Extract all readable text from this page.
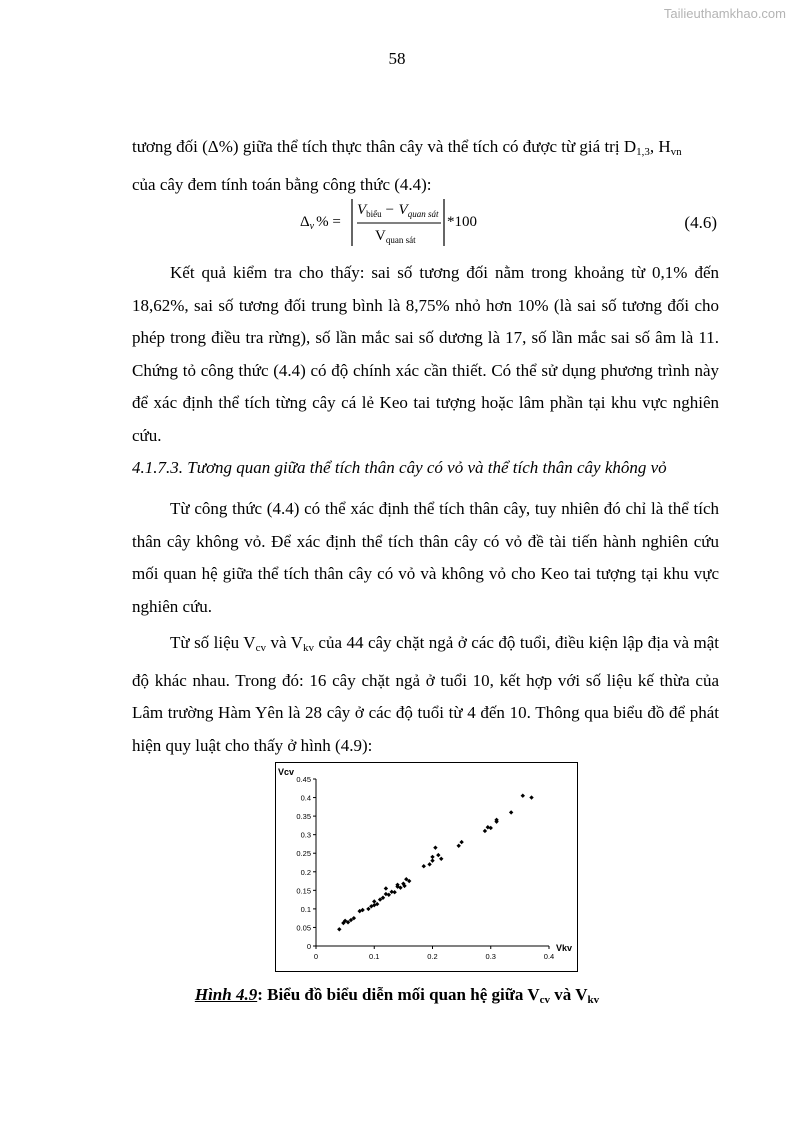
Tailieuthamkhao.com
58

tương đối (Δ%) giữa thể tích thực thân cây và thể tích có được từ giá trị $D_{1,3}$, $H_{vn}$
của cây đem tính toán bằng công thức (4.4):

$\Delta_v$ % =
$V_{biểu} - V_{quan sát}$
$V_{quan sát}$
*100	(4.6)

Kết quả kiểm tra cho thấy: sai số tương đối nằm trong khoảng từ 0,1% đến 18,62%, sai số tương đối trung bình là 8,75% nhỏ hơn 10% (là sai số tương đối cho phép trong điều tra rừng), số lần mắc sai số dương là 17, số lần mắc sai số âm là 11. Chứng tỏ công thức (4.4) có độ chính xác cần thiết. Có thể sử dụng phương trình này để xác định thể tích từng cây cá lẻ Keo tai tượng hoặc lâm phần tại khu vực nghiên cứu.

4.1.7.3. Tương quan giữa thể tích thân cây có vỏ và thể tích thân cây không vỏ

Từ công thức (4.4) có thể xác định thể tích thân cây, tuy nhiên đó chỉ là thể tích thân cây không vỏ. Để xác định thể tích thân cây có vỏ đề tài tiến hành nghiên cứu mối quan hệ giữa thể tích thân cây có vỏ và không vỏ cho Keo tai tượng tại khu vực nghiên cứu.

Từ số liệu $V_{cv}$ và $V_{kv}$ của 44 cây chặt ngả ở các độ tuổi, điều kiện lập địa và mật độ khác nhau. Trong đó: 16 cây chặt ngả ở tuổi 10, kết hợp với số liệu kế thừa của Lâm trường Hàm Yên là 28 cây ở các độ tuổi từ 4 đến 10. Thông qua biểu đồ để phát hiện quy luật cho thấy ở hình (4.9):

0
0.05
0.1
0.15
0.2
0.25
0.3
0.35
0.4
0.45
0	0.1	0.2	0.3	0.4
Vcv
Vkv
Hình 4.9: Biểu đồ biểu diễn mối quan hệ giữa $V_{cv}$ và $V_{kv}$
